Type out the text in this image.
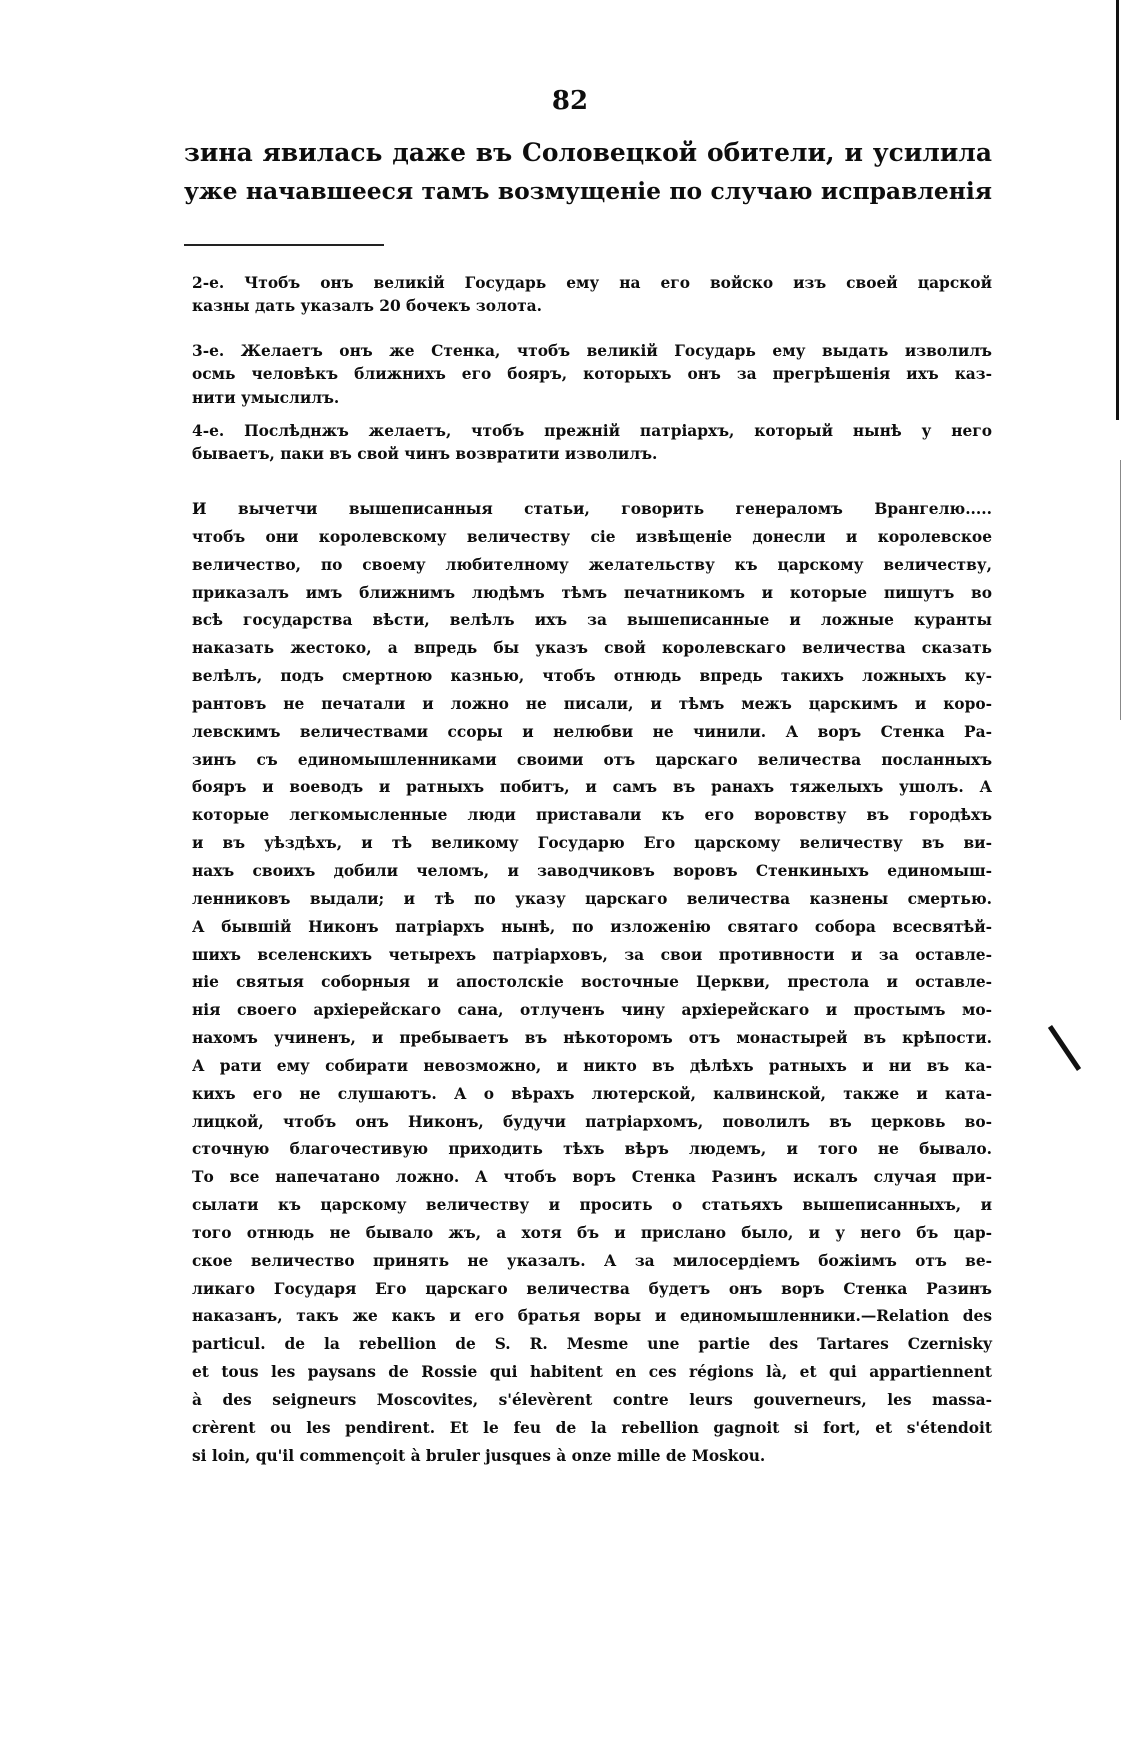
82
зина явилась даже въ Соловецкой обители, и усилила
уже начавшееся тамъ возмущеніе по случаю исправленія
2-е. Чтобъ онъ великій Государь ему на его войско изъ своей царской
казны дать указалъ 20 бочекъ золота.
3-е. Желаетъ онъ же Стенка, чтобъ великій Государь ему выдать изволилъ
осмь человѣкъ ближнихъ его бояръ, которыхъ онъ за прегрѣшенія ихъ каз-
нити умыслилъ.
4-е. Послѣднжъ желаетъ, чтобъ прежній патріархъ, который нынѣ у него
бываетъ, паки въ свой чинъ возвратити изволилъ.
И вычетчи вышеписанныя статьи, говорить генераломъ Врангелю.....
чтобъ они королевскому величеству сіе извѣщеніе донесли и королевское
величество, по своему любителному желательству къ царскому величеству,
приказалъ имъ ближнимъ людѣмъ тѣмъ печатникомъ и которые пишутъ во
всѣ государства вѣсти, велѣлъ ихъ за вышеписанные и ложные куранты
наказать жестоко, а впредь бы указъ свой королевскаго величества сказать
велѣлъ, подъ смертною казнью, чтобъ отнюдь впредь такихъ ложныхъ ку-
рантовъ не печатали и ложно не писали, и тѣмъ межъ царскимъ и коро-
левскимъ величествами ссоры и нелюбви не чинили. А воръ Стенка Ра-
зинъ съ единомышленниками своими отъ царскаго величества посланныхъ
бояръ и воеводъ и ратныхъ побитъ, и самъ въ ранахъ тяжелыхъ ушолъ. А
которые легкомысленные люди приставали къ его воровству въ городѣхъ
и въ уѣздѣхъ, и тѣ великому Государю Его царскому величеству въ ви-
нахъ своихъ добили челомъ, и заводчиковъ воровъ Стенкиныхъ единомыш-
ленниковъ выдали; и тѣ по указу царскаго величества казнены смертью.
А бывшій Никонъ патріархъ нынѣ, по изложенію святаго собора всесвятѣй-
шихъ вселенскихъ четырехъ патріарховъ, за свои противности и за оставле-
ніе святыя соборныя и апостолскіе восточные Церкви, престола и оставле-
нія своего архіерейскаго сана, отлученъ чину архіерейскаго и простымъ мо-
нахомъ учиненъ, и пребываетъ въ нѣкоторомъ отъ монастырей въ крѣпости.
А рати ему собирати невозможно, и никто въ дѣлѣхъ ратныхъ и ни въ ка-
кихъ его не слушаютъ. А о вѣрахъ лютерской, калвинской, также и ката-
лицкой, чтобъ онъ Никонъ, будучи патріархомъ, поволилъ въ церковь во-
сточную благочестивую приходить тѣхъ вѣръ людемъ, и того не бывало.
То все напечатано ложно. А чтобъ воръ Стенка Разинъ искалъ случая при-
сылати къ царскому величеству и просить о статьяхъ вышеписанныхъ, и
того отнюдь не бывало жъ, а хотя бъ и прислано было, и у него бъ цар-
ское величество принять не указалъ. А за милосердіемъ божіимъ отъ ве-
ликаго Государя Его царскаго величества будетъ онъ воръ Стенка Разинъ
наказанъ, такъ же какъ и его братья воры и единомышленники.—Relation des
particul. de la rebellion de S. R. Mesme une partie des Tartares Czernisky
et tous les paysans de Rossie qui habitent en ces régions là, et qui appartiennent
à des seigneurs Moscovites, s'élevèrent contre leurs gouverneurs, les massa-
crèrent ou les pendirent. Et le feu de la rebellion gagnoit si fort, et s'étendoit
si loin, qu'il commençoit à bruler jusques à onze mille de Moskou.
